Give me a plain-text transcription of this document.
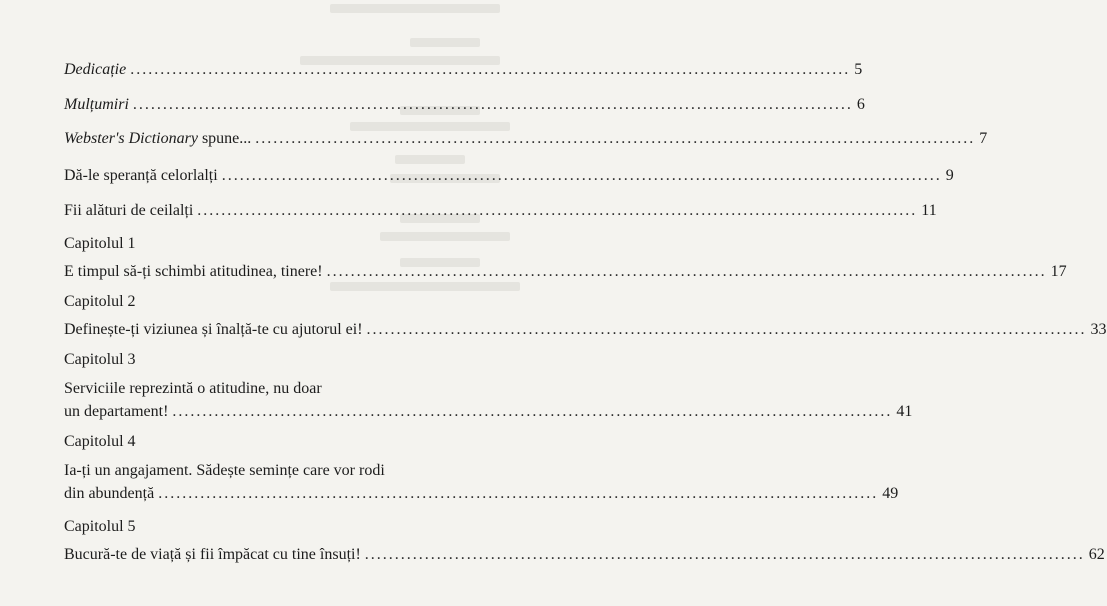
Dedicație ........................................................................................................................ 5
Mulțumiri ........................................................................................................................ 6
Webster's Dictionary spune... ........................................................................................................................ 7
Dă-le speranță celorlalți ........................................................................................................................ 9
Fii alături de ceilalți ........................................................................................................................ 11
Capitolul 1
E timpul să-ți schimbi atitudinea, tinere! ........................................................................................................................ 17
Capitolul 2
Definește-ți viziunea și înalță-te cu ajutorul ei! ........................................................................................................................ 33
Capitolul 3
Serviciile reprezintă o atitudine, nu doar
un departament! ........................................................................................................................ 41
Capitolul 4
Ia-ți un angajament. Sădește semințe care vor rodi
din abundență ........................................................................................................................ 49
Capitolul 5
Bucură-te de viață și fii împăcat cu tine însuți! ........................................................................................................................ 62
